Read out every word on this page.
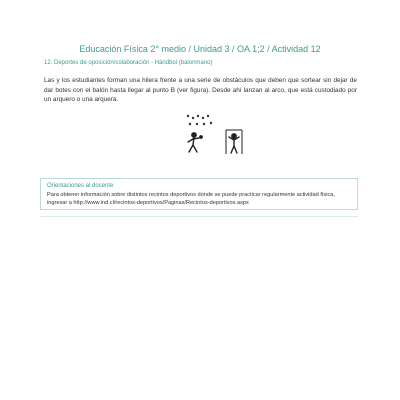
Educación Física 2° medio / Unidad 3 / OA 1;2 / Actividad 12
12. Deportes de oposición/colaboración - Hándbol (balonmano)

Las y los estudiantes forman una hilera frente a una serie de obstáculos que deben que sortear sin dejar de dar botes con el balón hasta llegar al punto B (ver figura). Desde ahí lanzan al arco, que está custodiado por un arquero o una arquera.

Orientaciones al docente

Para obtener información sobre distintos recintos deportivos donde se puede practicar regularmente actividad física, ingresar a http://www.ind.cl/recintos-deportivos/Paginas/Recintos-deportivos.aspx
